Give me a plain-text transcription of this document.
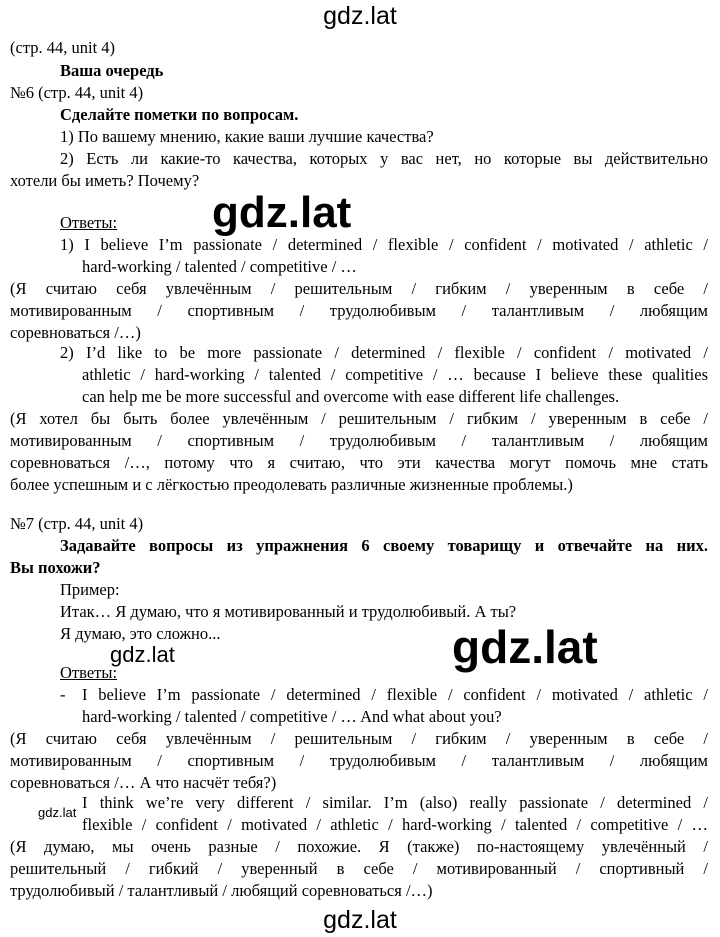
gdz.lat
gdz.lat
gdz.lat
gdz.lat
gdz.lat
gdz.lat
(стр. 44, unit 4)
Ваша очередь
№6 (стр. 44, unit 4)
Сделайте пометки по вопросам.
1) По вашему мнению, какие ваши лучшие качества?
2) Есть ли какие-то качества, которых у вас нет, но которые вы действительно
хотели бы иметь? Почему?
Ответы:
1) I believe I’m passionate / determined / flexible / confident / motivated / athletic /
hard-working / talented / competitive / …
(Я считаю себя увлечённым / решительным / гибким / уверенным в себе /
мотивированным / спортивным / трудолюбивым / талантливым / любящим
соревноваться /…)
2) I’d like to be more passionate / determined / flexible / confident / motivated /
athletic / hard-working / talented / competitive / … because I believe these qualities
can help me be more successful and overcome with ease different life challenges.
(Я хотел бы быть более увлечённым / решительным / гибким / уверенным в себе /
мотивированным / спортивным / трудолюбивым / талантливым / любящим
соревноваться /…, потому что я считаю, что эти качества могут помочь мне стать
более успешным и с лёгкостью преодолевать различные жизненные проблемы.)
№7 (стр. 44, unit 4)
Задавайте вопросы из упражнения 6 своему товарищу и отвечайте на них.
Вы похожи?
Пример:
Итак… Я думаю, что я мотивированный и трудолюбивый. А ты?
Я думаю, это сложно...
Ответы:
-	I believe I’m passionate / determined / flexible / confident / motivated / athletic /
hard-working / talented / competitive / … And what about you?
(Я считаю себя увлечённым / решительным / гибким / уверенным в себе /
мотивированным / спортивным / трудолюбивым / талантливым / любящим
соревноваться /… А что насчёт тебя?)
I think we’re very different / similar. I’m (also) really passionate / determined /
flexible / confident / motivated / athletic / hard-working / talented / competitive / …
(Я думаю, мы очень разные / похожие. Я (также) по-настоящему увлечённый /
решительный / гибкий / уверенный в себе / мотивированный / спортивный /
трудолюбивый / талантливый / любящий соревноваться /…)
